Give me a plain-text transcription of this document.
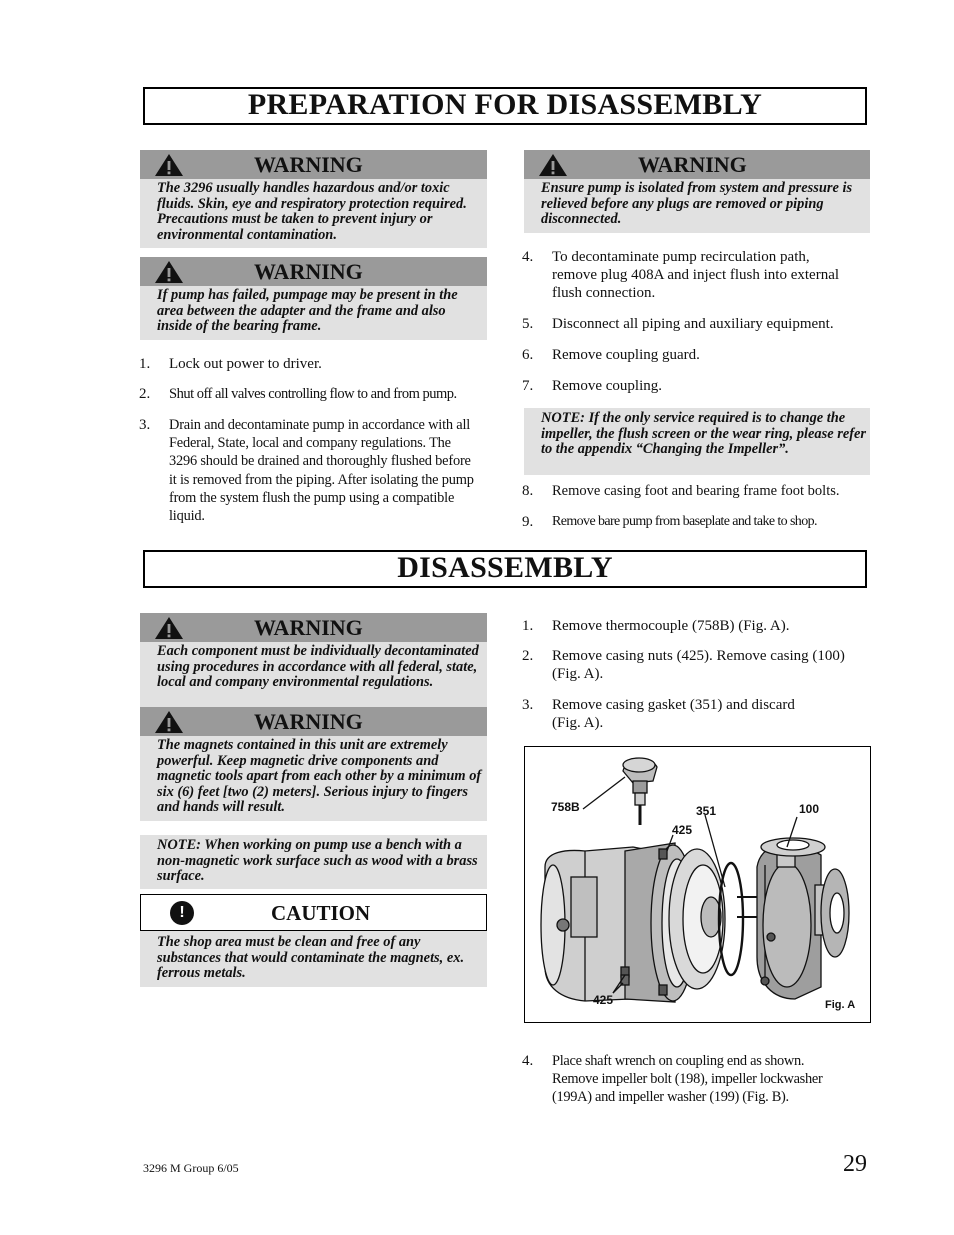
PREPARATION FOR DISASSEMBLY
WARNING
The 3296 usually handles hazardous and/or toxic fluids. Skin, eye and respiratory protection required. Precautions must be taken to prevent injury or environmental contamination.
WARNING
If pump has failed, pumpage may be present in the area between the adapter and the frame and also inside of the bearing frame.
1. Lock out power to driver.
2. Shut off all valves controlling flow to and from pump.
3. Drain and decontaminate pump in accordance with all Federal, State, local and company regulations. The 3296 should be drained and thoroughly flushed before it is removed from the piping. After isolating the pump from the system flush the pump using a compatible liquid.
WARNING
Ensure pump is isolated from system and pressure is relieved before any plugs are removed or piping disconnected.
4. To decontaminate pump recirculation path, remove plug 408A and inject flush into external flush connection.
5. Disconnect all piping and auxiliary equipment.
6. Remove coupling guard.
7. Remove coupling.
NOTE: If the only service required is to change the impeller, the flush screen or the wear ring, please refer to the appendix “Changing the Impeller”.
8. Remove casing foot and bearing frame foot bolts.
9. Remove bare pump from baseplate and take to shop.
DISASSEMBLY
WARNING
Each component must be individually decontaminated using procedures in accordance with all federal, state, local and company environmental regulations.
WARNING
The magnets contained in this unit are extremely powerful. Keep magnetic drive components and magnetic tools apart from each other by a minimum of six (6) feet [two (2) meters]. Serious injury to fingers and hands will result.
NOTE: When working on pump use a bench with a non-magnetic work surface such as wood with a brass surface.
!	CAUTION
The shop area must be clean and free of any substances that would contaminate the magnets, ex. ferrous metals.
1. Remove thermocouple (758B) (Fig. A).
2. Remove casing nuts (425). Remove casing (100) (Fig. A).
3. Remove casing gasket (351) and discard (Fig. A).
758B	351	100
425
425	Fig. A
4. Place shaft wrench on coupling end as shown. Remove impeller bolt (198), impeller lockwasher (199A) and impeller washer (199) (Fig. B).
3296 M Group 6/05	29
